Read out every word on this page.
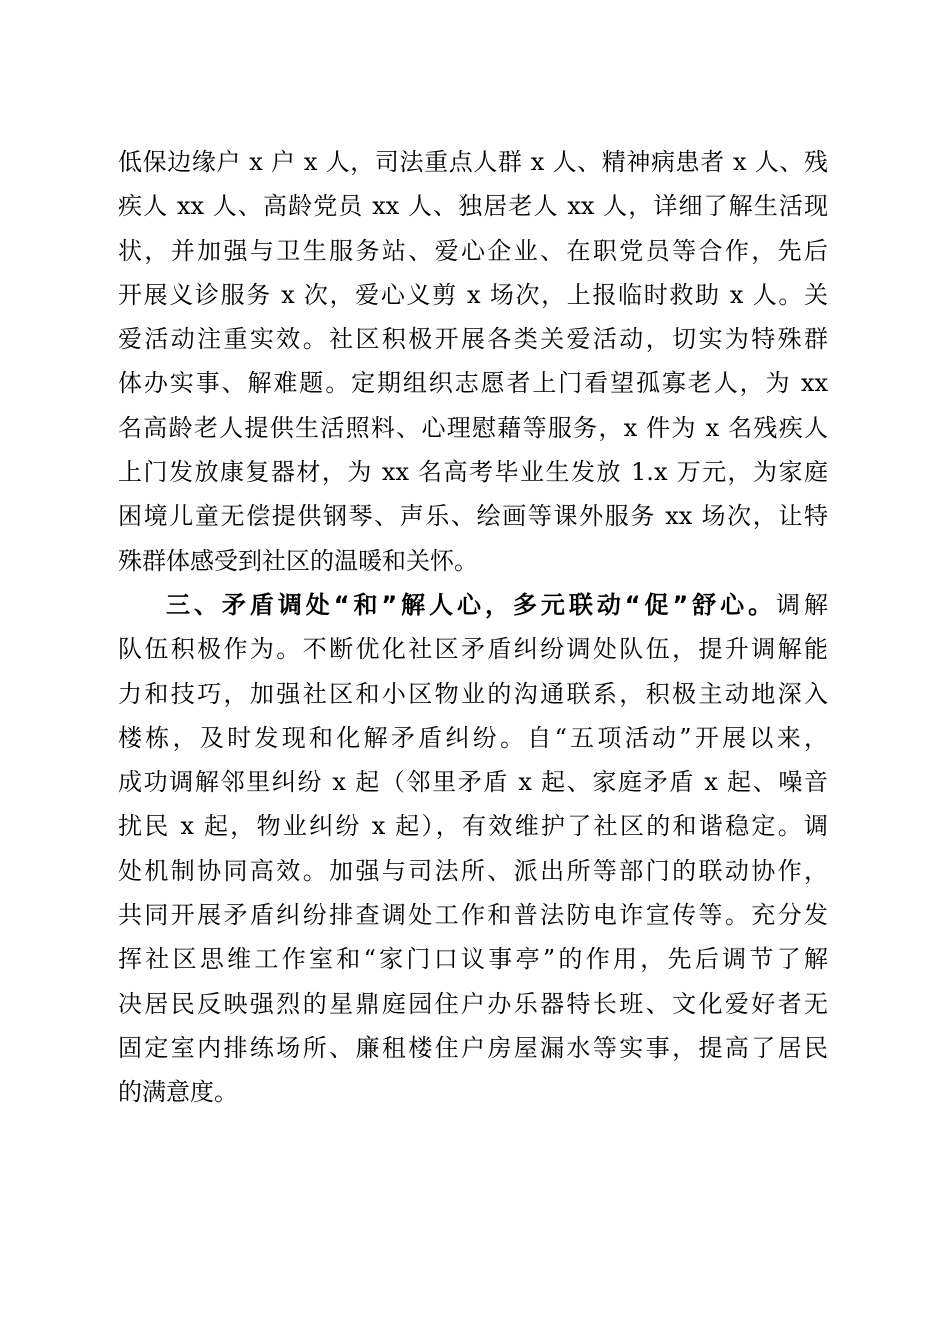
低保边缘户 x 户 x 人，司法重点人群 x 人、精神病患者 x 人、残
疾人 xx 人、高龄党员 xx 人、独居老人 xx 人，详细了解生活现
状，并加强与卫生服务站、爱心企业、在职党员等合作，先后
开展义诊服务 x 次，爱心义剪 x 场次，上报临时救助 x 人。关
爱活动注重实效。社区积极开展各类关爱活动，切实为特殊群
体办实事、解难题。定期组织志愿者上门看望孤寡老人，为 xx
名高龄老人提供生活照料、心理慰藉等服务，x 件为 x 名残疾人
上门发放康复器材，为 xx 名高考毕业生发放 1.x 万元，为家庭
困境儿童无偿提供钢琴、声乐、绘画等课外服务 xx 场次，让特
殊群体感受到社区的温暖和关怀。
三、矛盾调处“和”解人心，多元联动“促”舒心。调解
队伍积极作为。不断优化社区矛盾纠纷调处队伍，提升调解能
力和技巧，加强社区和小区物业的沟通联系，积极主动地深入
楼栋，及时发现和化解矛盾纠纷。自“五项活动”开展以来，
成功调解邻里纠纷 x 起（邻里矛盾 x 起、家庭矛盾 x 起、噪音
扰民 x 起，物业纠纷 x 起），有效维护了社区的和谐稳定。调
处机制协同高效。加强与司法所、派出所等部门的联动协作，
共同开展矛盾纠纷排查调处工作和普法防电诈宣传等。充分发
挥社区思维工作室和“家门口议事亭”的作用，先后调节了解
决居民反映强烈的星鼎庭园住户办乐器特长班、文化爱好者无
固定室内排练场所、廉租楼住户房屋漏水等实事，提高了居民
的满意度。
